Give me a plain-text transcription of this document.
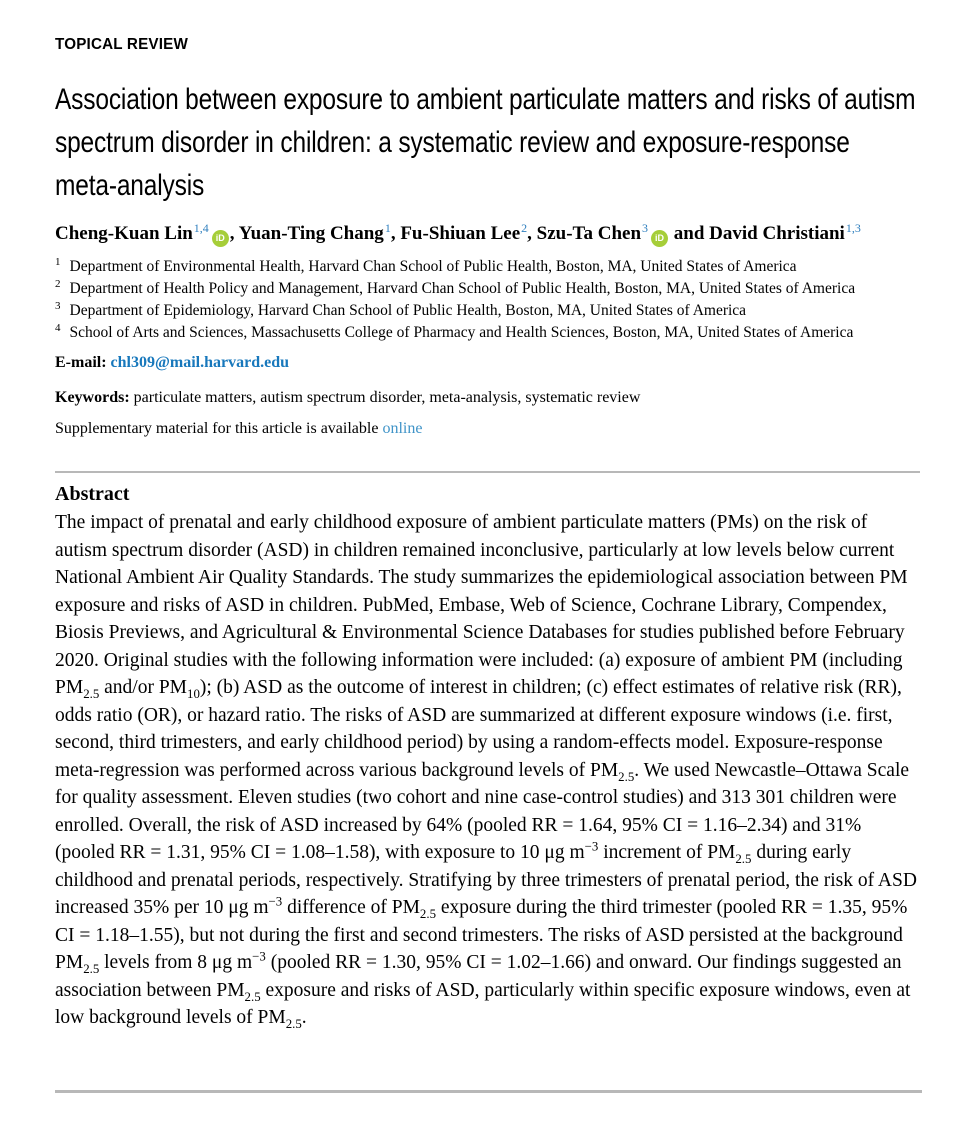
TOPICAL REVIEW
Association between exposure to ambient particulate matters and risks of autism spectrum disorder in children: a systematic review and exposure-response meta-analysis
Cheng-Kuan Lin$^{1,4}$iD , Yuan-Ting Chang$^1$, Fu-Shiuan Lee$^2$, Szu-Ta Chen$^3$iD and David Christiani$^{1,3}$
$^1$ Department of Environmental Health, Harvard Chan School of Public Health, Boston, MA, United States of America
$^2$ Department of Health Policy and Management, Harvard Chan School of Public Health, Boston, MA, United States of America
$^3$ Department of Epidemiology, Harvard Chan School of Public Health, Boston, MA, United States of America
$^4$ School of Arts and Sciences, Massachusetts College of Pharmacy and Health Sciences, Boston, MA, United States of America

E-mail: chl309@mail.harvard.edu

Keywords: particulate matters, autism spectrum disorder, meta-analysis, systematic review

Supplementary material for this article is available online

Abstract

The impact of prenatal and early childhood exposure of ambient particulate matters (PMs) on the risk of autism spectrum disorder (ASD) in children remained inconclusive, particularly at low levels below current National Ambient Air Quality Standards. The study summarizes the epidemiological association between PM exposure and risks of ASD in children. PubMed, Embase, Web of Science, Cochrane Library, Compendex, Biosis Previews, and Agricultural & Environmental Science Databases for studies published before February 2020. Original studies with the following information were included: (a) exposure of ambient PM (including $PM_{2.5}$ and/or $PM_{10}$); (b) ASD as the outcome of interest in children; (c) effect estimates of relative risk (RR), odds ratio (OR), or hazard ratio. The risks of ASD are summarized at different exposure windows (i.e. first, second, third trimesters, and early childhood period) by using a random-effects model. Exposure-response meta-regression was performed across various background levels of $PM_{2.5}$. We used Newcastle–Ottawa Scale for quality assessment. Eleven studies (two cohort and nine case-control studies) and 313 301 children were enrolled. Overall, the risk of ASD increased by 64% (pooled RR = 1.64, 95% CI = 1.16–2.34) and 31% (pooled RR = 1.31, 95% CI = 1.08–1.58), with exposure to 10 μg $m^{-3}$ increment of $PM_{2.5}$ during early childhood and prenatal periods, respectively. Stratifying by three trimesters of prenatal period, the risk of ASD increased 35% per 10 μg $m^{-3}$ difference of $PM_{2.5}$ exposure during the third trimester (pooled RR = 1.35, 95% CI = 1.18–1.55), but not during the first and second trimesters. The risks of ASD persisted at the background $PM_{2.5}$ levels from 8 μg $m^{-3}$ (pooled RR = 1.30, 95% CI = 1.02–1.66) and onward. Our findings suggested an association between $PM_{2.5}$ exposure and risks of ASD, particularly within specific exposure windows, even at low background levels of $PM_{2.5}$.
